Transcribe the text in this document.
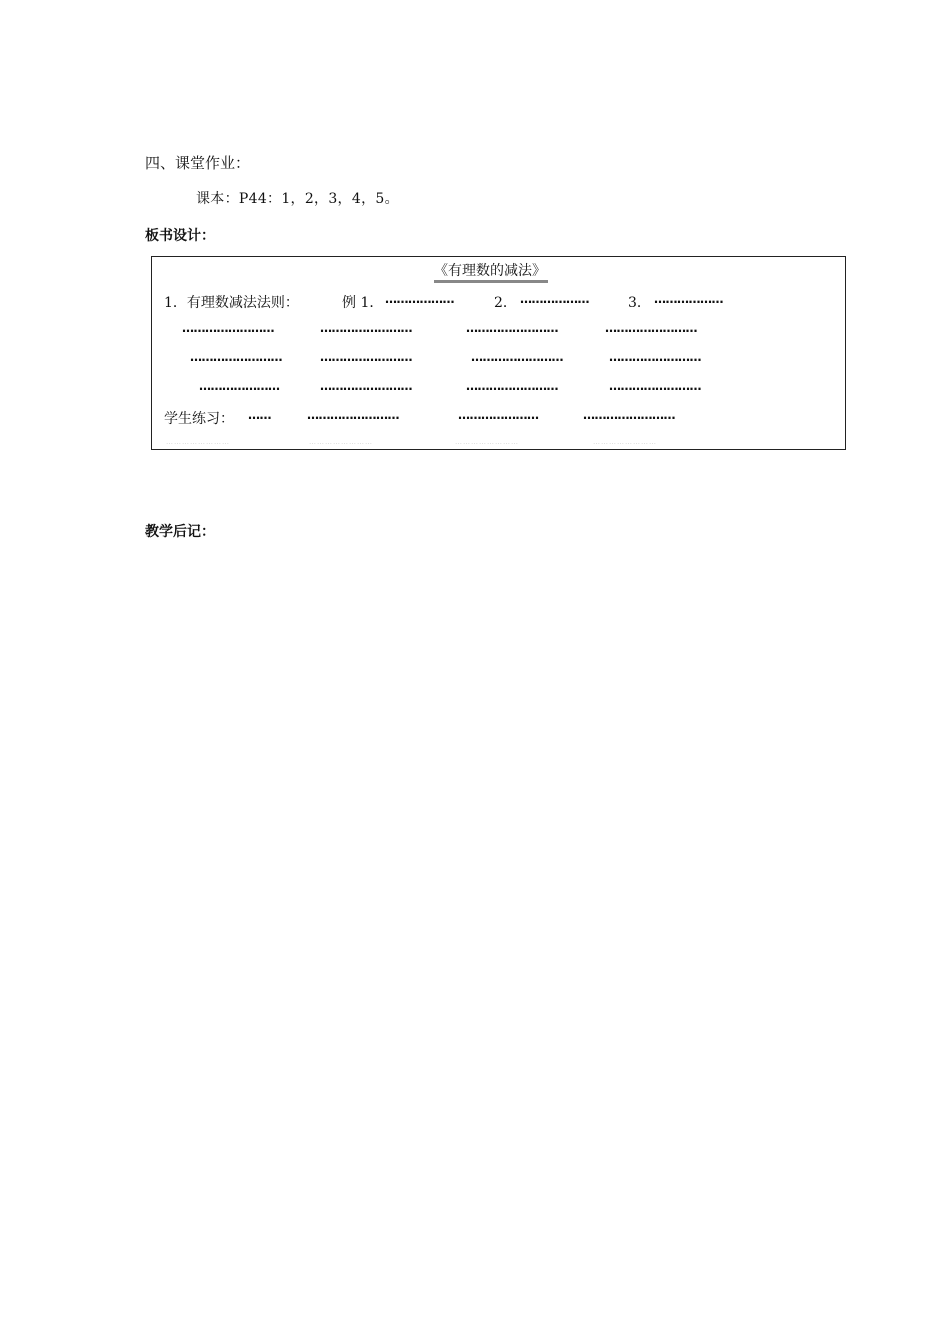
四、课堂作业：
课本：P44：1，2，3，4，5。
板书设计：
《有理数的减法》
1．有理数减法法则：	例 1． ………………	2． ………………	3． ………………
……………………	……………………	……………………	……………………
……………………	……………………	……………………	……………………
…………………	……………………	……………………	……………………
学生练习： ……	……………………	…………………	……………………
……………………	……………………	……………………	……………………
教学后记：
